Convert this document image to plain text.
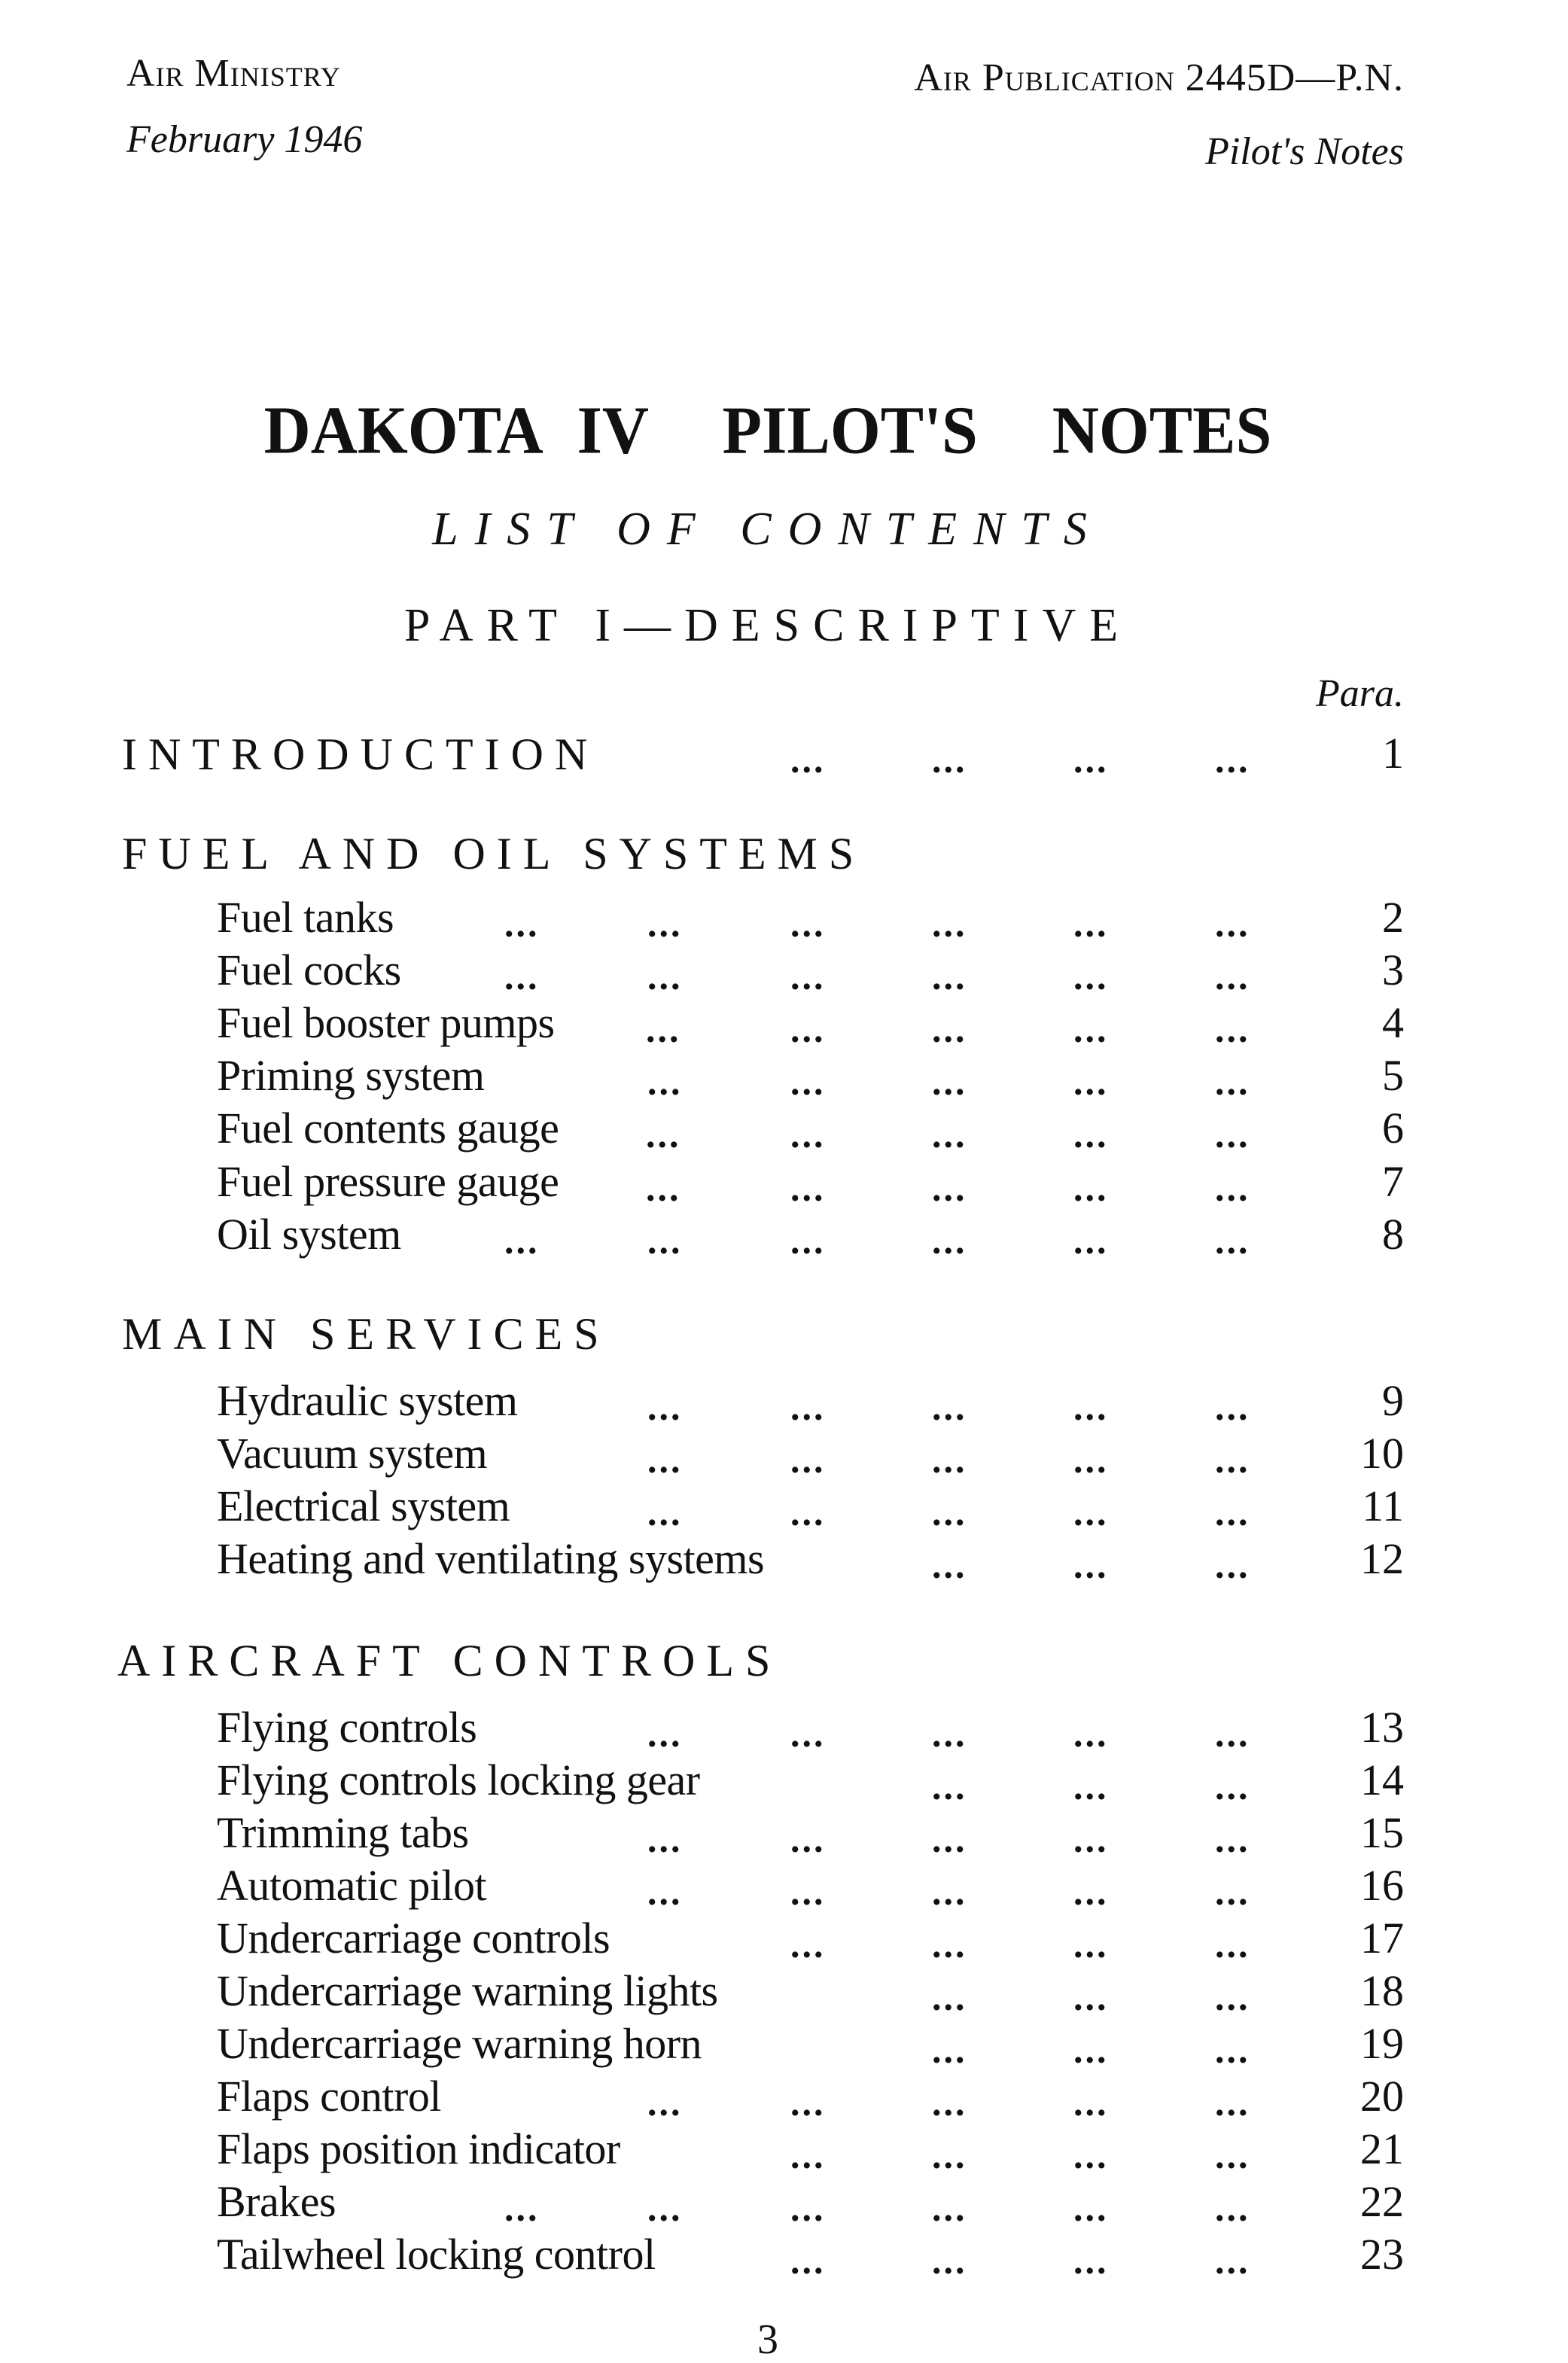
Air Ministry
February 1946
Air Publication 2445D—P.N.
Pilot's Notes
DAKOTA IV  PILOT'S  NOTES
LIST OF CONTENTS
PART I—DESCRIPTIVE
Para.
INTRODUCTION	...	...	...	...	1
FUEL AND OIL SYSTEMS
Fuel tanks	...	...	...	...	...	...	2
Fuel cocks	...	...	...	...	...	...	3
Fuel booster pumps ...	...	...	...	...	4
Priming system	...	...	...	...	...	5
Fuel contents gauge ...	...	...	...	...	6
Fuel pressure gauge ...	...	...	...	...	7
Oil system	...	...	...	...	...	...	8
MAIN SERVICES
Hydraulic system	...	...	...	...	...	9
Vacuum system	...	...	...	...	...	10
Electrical system	...	...	...	...	...	11
Heating and ventilating systems	...	...	...	12
AIRCRAFT CONTROLS
Flying controls	...	...	...	...	...	13
Flying controls locking gear	...	...	...	14
Trimming tabs	...	...	...	...	...	15
Automatic pilot	...	...	...	...	...	16
Undercarriage controls	...	...	...	...	17
Undercarriage warning lights	...	...	...	18
Undercarriage warning horn	...	...	...	19
Flaps control	...	...	...	...	...	20
Flaps position indicator	...	...	...	...	21
Brakes	...	...	...	...	...	...	22
Tailwheel locking control	...	...	...	...	23
3
